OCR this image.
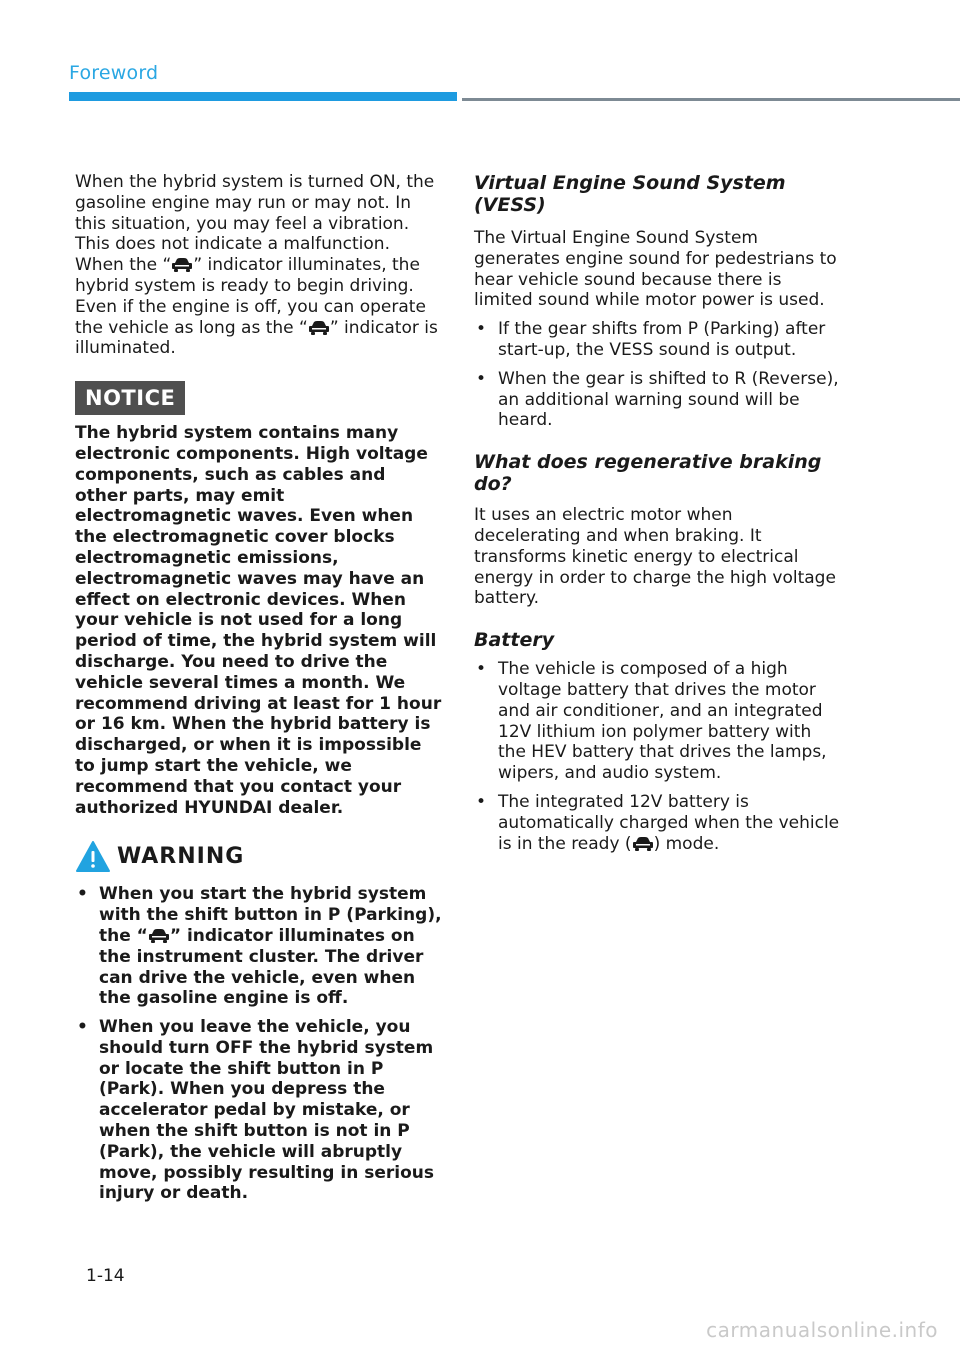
Foreword

When the hybrid system is turned ON, the gasoline engine may run or may not. In this situation, you may feel a vibration. This does not indicate a malfunction. When the “ ” indicator illuminates, the hybrid system is ready to begin driving. Even if the engine is off, you can operate the vehicle as long as the “ ” indicator is illuminated.

NOTICE

The hybrid system contains many electronic components. High voltage components, such as cables and other parts, may emit electromagnetic waves. Even when the electromagnetic cover blocks electromagnetic emissions, electromagnetic waves may have an effect on electronic devices. When your vehicle is not used for a long period of time, the hybrid system will discharge. You need to drive the vehicle several times a month. We recommend driving at least for 1 hour or 16 km. When the hybrid battery is discharged, or when it is impossible to jump start the vehicle, we recommend that you contact your authorized HYUNDAI dealer.

WARNING
• When you start the hybrid system with the shift button in P (Parking), the “ ” indicator illuminates on the instrument cluster. The driver can drive the vehicle, even when the gasoline engine is off.
• When you leave the vehicle, you should turn OFF the hybrid system or locate the shift button in P (Park). When you depress the accelerator pedal by mistake, or when the shift button is not in P (Park), the vehicle will abruptly move, possibly resulting in serious injury or death.
Virtual Engine Sound System (VESS)

The Virtual Engine Sound System generates engine sound for pedestrians to hear vehicle sound because there is limited sound while motor power is used.

• If the gear shifts from P (Parking) after start-up, the VESS sound is output.
• When the gear is shifted to R (Reverse), an additional warning sound will be heard.
What does regenerative braking do?

It uses an electric motor when decelerating and when braking. It transforms kinetic energy to electrical energy in order to charge the high voltage battery.

Battery
• The vehicle is composed of a high voltage battery that drives the motor and air conditioner, and an integrated 12V lithium ion polymer battery with the HEV battery that drives the lamps, wipers, and audio system.
• The integrated 12V battery is automatically charged when the vehicle is in the ready ( ) mode.
1-14
carmanualsonline.info
